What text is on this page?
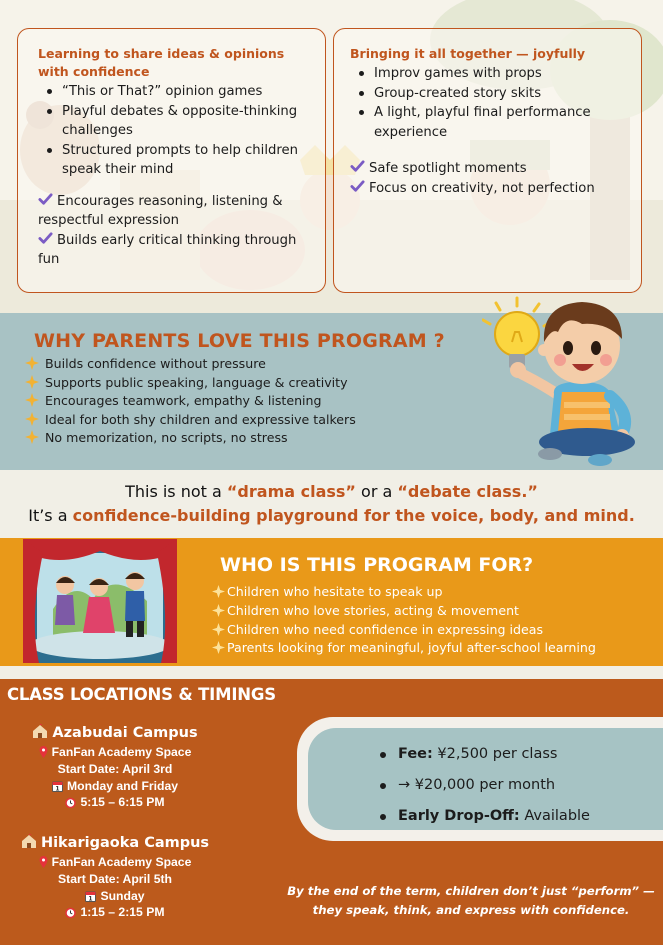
Learning to share ideas & opinions with confidence
“This or That?” opinion games
Playful debates & opposite-thinking challenges
Structured prompts to help children speak their mind
Encourages reasoning, listening & respectful expression
Builds early critical thinking through fun
Bringing it all together — joyfully
Improv games with props
Group-created story skits
A light, playful final performance experience
Safe spotlight moments
Focus on creativity, not perfection
WHY PARENTS LOVE THIS PROGRAM ?
Builds confidence without pressure
Supports public speaking, language & creativity
Encourages teamwork, empathy & listening
Ideal for both shy children and expressive talkers
No memorization, no scripts, no stress
This is not a “drama class” or a “debate class.”
It’s a confidence-building playground for the voice, body, and mind.
WHO IS THIS PROGRAM FOR?
Children who hesitate to speak up
Children who love stories, acting & movement
Children who need confidence in expressing ideas
Parents looking for meaningful, joyful after-school learning
CLASS LOCATIONS & TIMINGS
Azabudai Campus
FanFan Academy Space
Start Date: April 3rd
1 Monday and Friday
5:15 – 6:15 PM
Hikarigaoka Campus
FanFan Academy Space
Start Date: April 5th
1 Sunday
1:15 – 2:15 PM
Fee: ¥2,500 per class
→ ¥20,000 per month
Early Drop-Off: Available
By the end of the term, children don’t just “perform” —
they speak, think, and express with confidence.
